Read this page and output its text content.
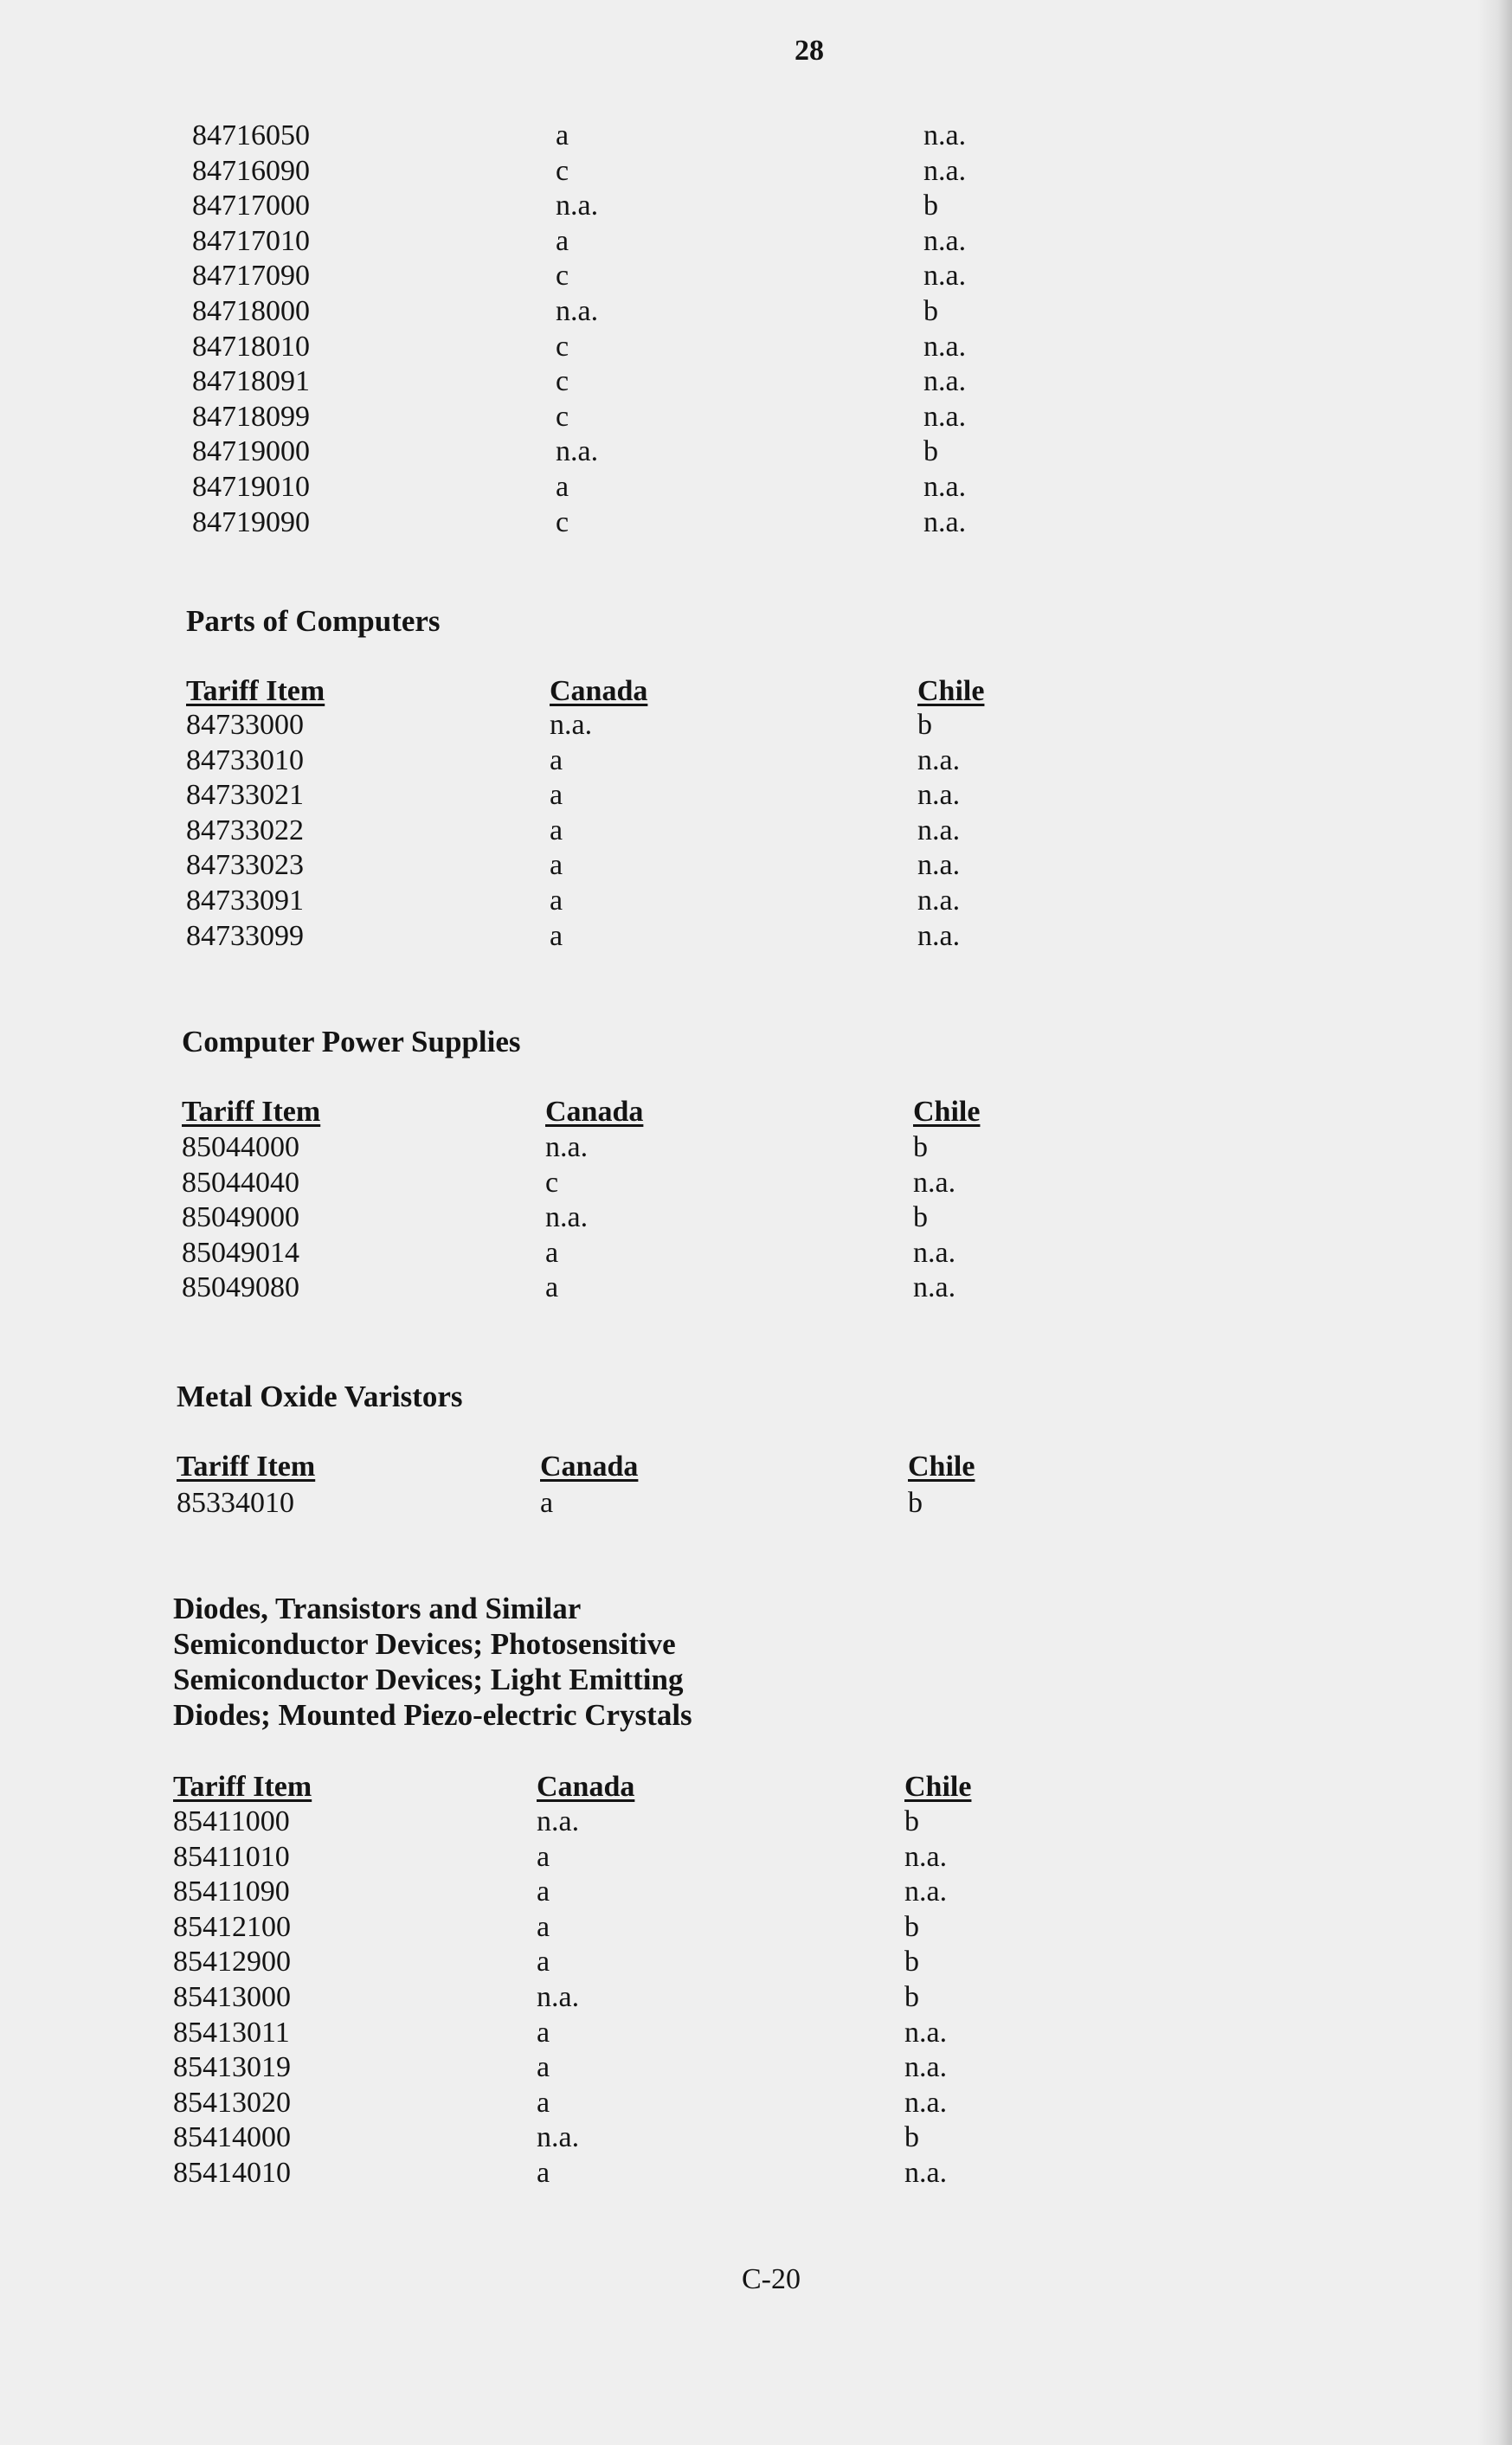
28
84716050	a	n.a.
84716090	c	n.a.
84717000	n.a.	b
84717010	a	n.a.
84717090	c	n.a.
84718000	n.a.	b
84718010	c	n.a.
84718091	c	n.a.
84718099	c	n.a.
84719000	n.a.	b
84719010	a	n.a.
84719090	c	n.a.
Parts of Computers
Tariff Item	Canada	Chile
84733000	n.a.	b
84733010	a	n.a.
84733021	a	n.a.
84733022	a	n.a.
84733023	a	n.a.
84733091	a	n.a.
84733099	a	n.a.
Computer Power Supplies
Tariff Item	Canada	Chile
85044000	n.a.	b
85044040	c	n.a.
85049000	n.a.	b
85049014	a	n.a.
85049080	a	n.a.
Metal Oxide Varistors
Tariff Item	Canada	Chile
85334010	a	b
Diodes, Transistors and Similar
Semiconductor Devices; Photosensitive
Semiconductor Devices; Light Emitting
Diodes; Mounted Piezo-electric Crystals
Tariff Item	Canada	Chile
85411000	n.a.	b
85411010	a	n.a.
85411090	a	n.a.
85412100	a	b
85412900	a	b
85413000	n.a.	b
85413011	a	n.a.
85413019	a	n.a.
85413020	a	n.a.
85414000	n.a.	b
85414010	a	n.a.
C-20
